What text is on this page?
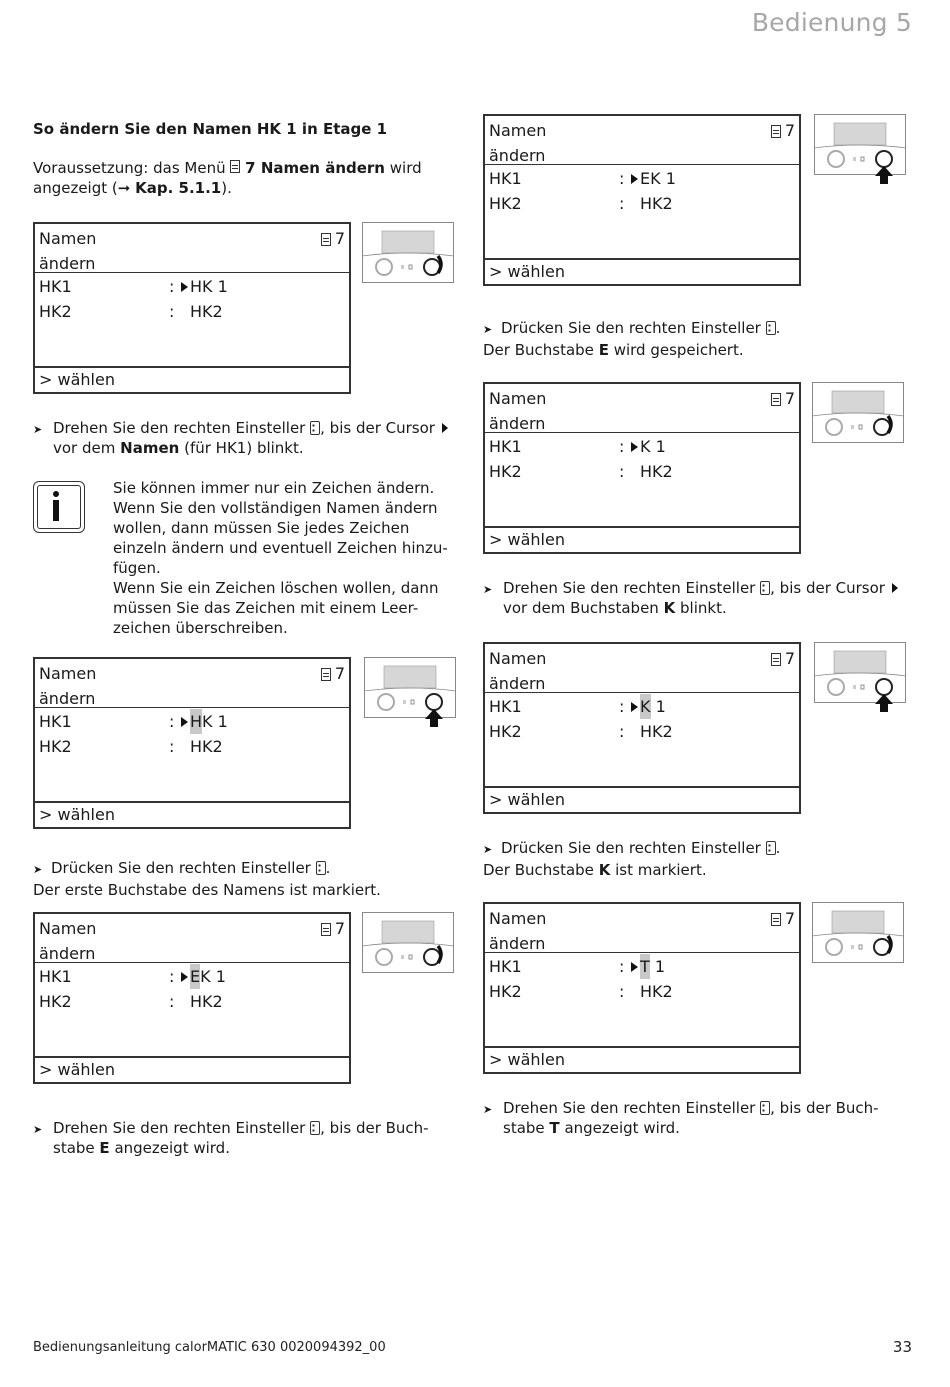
Bedienung 5
So ändern Sie den Namen HK 1 in Etage 1
Voraussetzung: das Menü 7 Namen ändern wird angezeigt (➞ Kap. 5.1.1).
Namen
ändern
7
HK1	: HK 1
HK2	: HK2
> wählen
➤ Drehen Sie den rechten Einsteller , bis der Cursor
vor dem Namen (für HK1) blinkt.
Sie können immer nur ein Zeichen ändern.
Wenn Sie den vollständigen Namen ändern
wollen, dann müssen Sie jedes Zeichen
einzeln ändern und eventuell Zeichen hinzu-
fügen.
Wenn Sie ein Zeichen löschen wollen, dann
müssen Sie das Zeichen mit einem Leer-
zeichen überschreiben.
Namen
ändern
7
HK1	: H K 1
HK2	: HK2
> wählen
➤ Drücken Sie den rechten Einsteller .
Der erste Buchstabe des Namens ist markiert.
Namen
ändern
7
HK1	: E K 1
HK2	: HK2
> wählen
➤ Drehen Sie den rechten Einsteller , bis der Buch-
stabe E angezeigt wird.
Namen
ändern
7
HK1	: EK 1
HK2	: HK2
> wählen
➤ Drücken Sie den rechten Einsteller .
Der Buchstabe E wird gespeichert.
Namen
ändern
7
HK1	: K 1
HK2	: HK2
> wählen
➤ Drehen Sie den rechten Einsteller , bis der Cursor
vor dem Buchstaben K blinkt.
Namen
ändern
7
HK1	: K 1
HK2	: HK2
> wählen
➤ Drücken Sie den rechten Einsteller .
Der Buchstabe K ist markiert.
Namen
ändern
7
HK1	: T 1
HK2	: HK2
> wählen
➤ Drehen Sie den rechten Einsteller , bis der Buch-
stabe T angezeigt wird.
Bedienungsanleitung calorMATIC 630 0020094392_00	33
